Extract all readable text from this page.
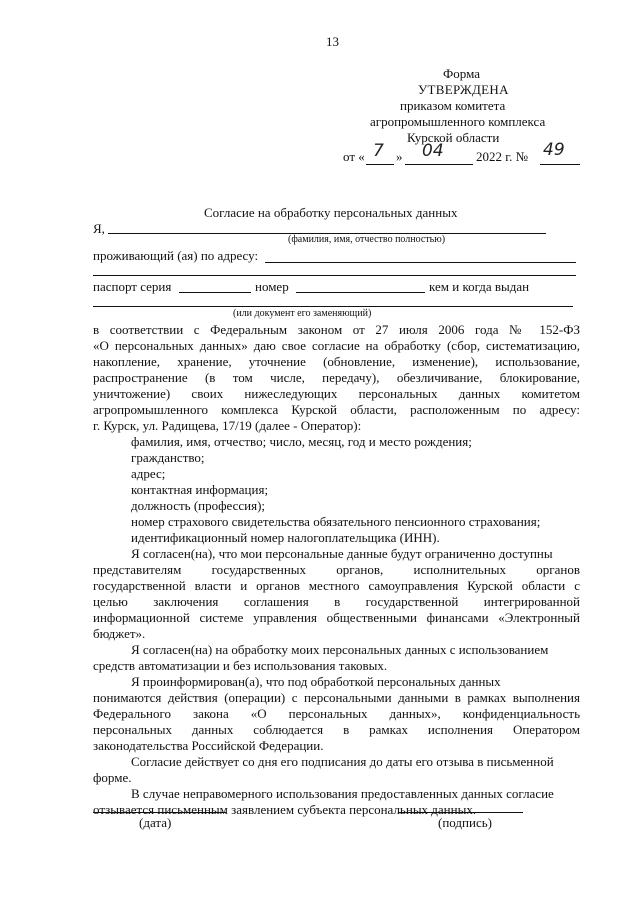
13
Форма
УТВЕРЖДЕНА
приказом комитета
агропромышленного комплекса
Курской области
от « 7 » 04 2022 г. № 49
Согласие на обработку персональных данных
Я,
(фамилия, имя, отчество полностью)
проживающий (ая) по адресу:
паспорт серия	номер	кем и когда выдан
(или документ его заменяющий)
в соответствии с Федеральным законом от 27 июля 2006 года № 152-ФЗ
«О персональных данных» даю свое согласие на обработку (сбор, систематизацию,
накопление, хранение, уточнение (обновление, изменение), использование,
распространение (в том числе, передачу), обезличивание, блокирование,
уничтожение) своих нижеследующих персональных данных комитетом
агропромышленного комплекса Курской области, расположенным по адресу:
г. Курск, ул. Радищева, 17/19 (далее - Оператор):
фамилия, имя, отчество; число, месяц, год и место рождения;
гражданство;
адрес;
контактная информация;
должность (профессия);
номер страхового свидетельства обязательного пенсионного страхования;
идентификационный номер налогоплательщика (ИНН).
Я согласен(на), что мои персональные данные будут ограниченно доступны
представителям государственных органов, исполнительных органов
государственной власти и органов местного самоуправления Курской области с
целью заключения соглашения в государственной интегрированной
информационной системе управления общественными финансами «Электронный
бюджет».
Я согласен(на) на обработку моих персональных данных с использованием
средств автоматизации и без использования таковых.
Я проинформирован(а), что под обработкой персональных данных
понимаются действия (операции) с персональными данными в рамках выполнения
Федерального закона «О персональных данных», конфиденциальность
персональных данных соблюдается в рамках исполнения Оператором
законодательства Российской Федерации.
Согласие действует со дня его подписания до даты его отзыва в письменной
форме.
В случае неправомерного использования предоставленных данных согласие
отзывается письменным заявлением субъекта персональных данных.
(дата)	(подпись)
